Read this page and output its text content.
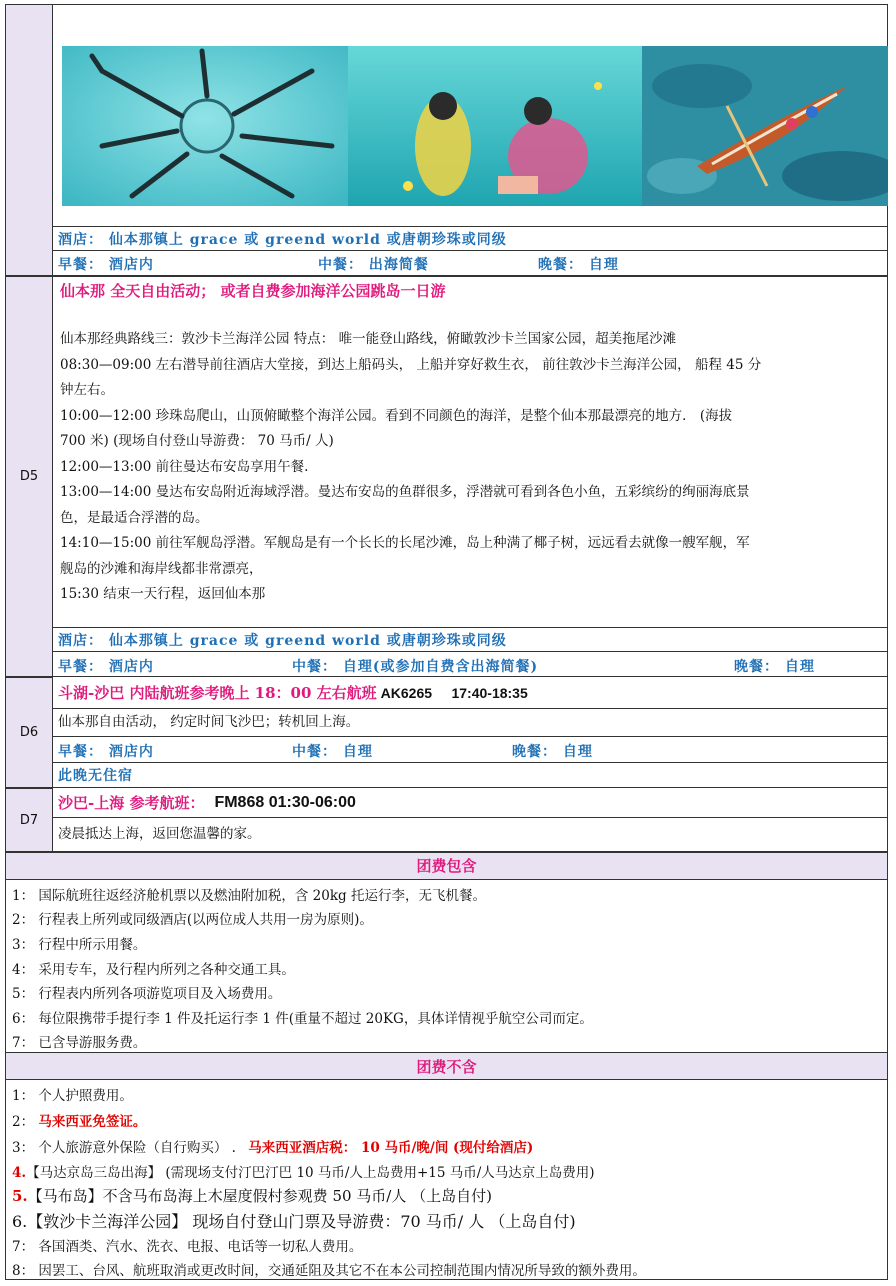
酒店： 仙本那镇上 grace 或 greend world 或唐朝珍珠或同级
早餐： 酒店内	中餐： 出海简餐	晚餐： 自理
D5
仙本那 全天自由活动； 或者自费参加海洋公园跳岛一日游
仙本那经典路线三：敦沙卡兰海洋公园 特点： 唯一能登山路线，俯瞰敦沙卡兰国家公园，超美拖尾沙滩
08:30—09:00 左右潜导前往酒店大堂接，到达上船码头， 上船并穿好救生衣， 前往敦沙卡兰海洋公园， 船程 45 分
钟左右。
10:00—12:00 珍珠岛爬山，山顶俯瞰整个海洋公园。看到不同颜色的海洋，是整个仙本那最漂亮的地方． (海拔
700 米) (现场自付登山导游费： 70 马币/ 人)
12:00—13:00 前往曼达布安岛享用午餐.
13:00—14:00 曼达布安岛附近海域浮潜。曼达布安岛的鱼群很多，浮潜就可看到各色小鱼，五彩缤纷的绚丽海底景
色，是最适合浮潜的岛。
14:10—15:00 前往军舰岛浮潜。军舰岛是有一个长长的长尾沙滩，岛上种满了椰子树，远远看去就像一艘军舰，军
舰岛的沙滩和海岸线都非常漂亮，
15:30 结束一天行程，返回仙本那
酒店： 仙本那镇上 grace 或 greend world 或唐朝珍珠或同级
早餐： 酒店内	中餐： 自理(或参加自费含出海简餐)	晚餐： 自理
D6
斗湖-沙巴 内陆航班参考晚上 18：00 左右航班 AK6265     17:40-18:35
仙本那自由活动， 约定时间飞沙巴；转机回上海。
早餐： 酒店内	中餐： 自理	晚餐： 自理
此晚无住宿
D7
沙巴-上海 参考航班： FM868 01:30-06:00
凌晨抵达上海，返回您温馨的家。
团费包含
1： 国际航班往返经济舱机票以及燃油附加税，含 20kg 托运行李，无飞机餐。
2： 行程表上所列或同级酒店(以两位成人共用一房为原则)。
3： 行程中所示用餐。
4： 采用专车，及行程内所列之各种交通工具。
5： 行程表内所列各项游览项目及入场费用。
6： 每位限携带手提行李 1 件及托运行李 1 件(重量不超过 20KG，具体详情视乎航空公司而定。
7： 已含导游服务费。
团费不含
1： 个人护照费用。
2： 马来西亚免签证。
3： 个人旅游意外保险（自行购买） . 马来西亚酒店税： 10 马币/晚/间 (现付给酒店)
4.【马达京岛三岛出海】 (需现场支付汀巴汀巴 10 马币/人上岛费用+15 马币/人马达京上岛费用)
5.【马布岛】不含马布岛海上木屋度假村参观费 50 马币/人 （上岛自付)
6.【敦沙卡兰海洋公园】 现场自付登山门票及导游费：70 马币/ 人 （上岛自付)
7： 各国酒类、汽水、洗衣、电报、电话等一切私人费用。
8： 因罢工、台风、航班取消或更改时间，交通延阻及其它不在本公司控制范围内情况所导致的额外费用。
